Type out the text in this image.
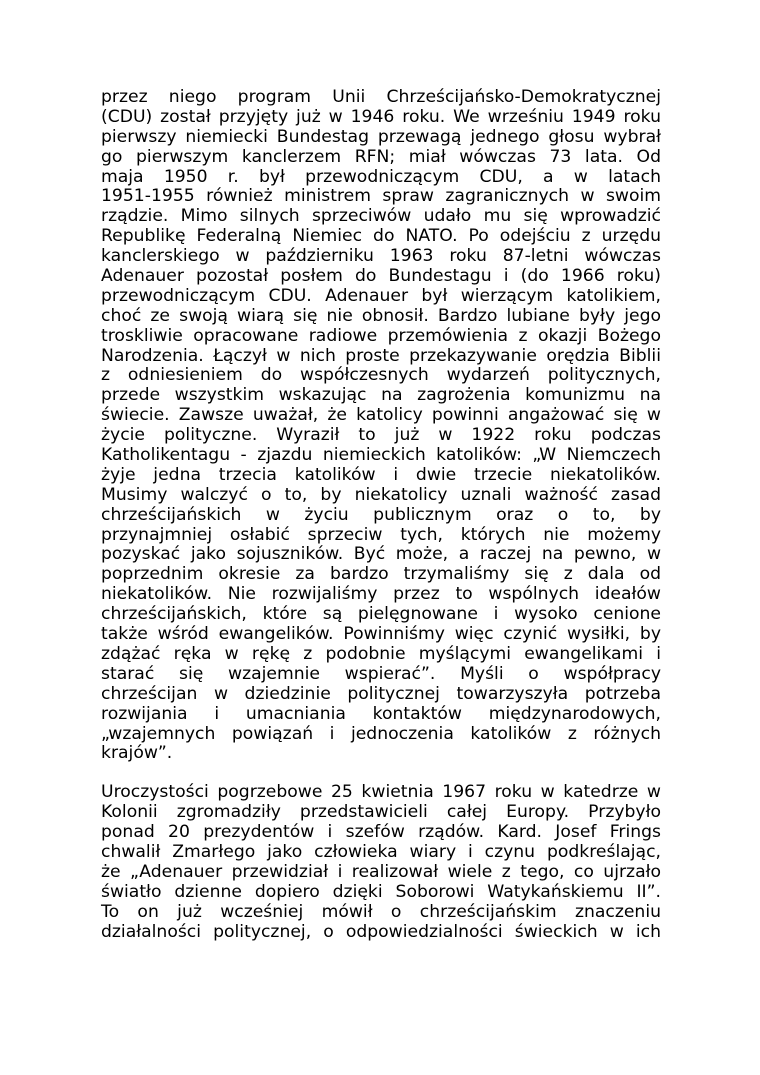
przez niego program Unii Chrześcijańsko-Demokratycznej
(CDU) został przyjęty już w 1946 roku. We wrześniu 1949 roku
pierwszy niemiecki Bundestag przewagą jednego głosu wybrał
go pierwszym kanclerzem RFN; miał wówczas 73 lata. Od
maja 1950 r. był przewodniczącym CDU, a w latach
1951-1955 również ministrem spraw zagranicznych w swoim
rządzie. Mimo silnych sprzeciwów udało mu się wprowadzić
Republikę Federalną Niemiec do NATO. Po odejściu z urzędu
kanclerskiego w październiku 1963 roku 87-letni wówczas
Adenauer pozostał posłem do Bundestagu i (do 1966 roku)
przewodniczącym CDU. Adenauer był wierzącym katolikiem,
choć ze swoją wiarą się nie obnosił. Bardzo lubiane były jego
troskliwie opracowane radiowe przemówienia z okazji Bożego
Narodzenia. Łączył w nich proste przekazywanie orędzia Biblii
z odniesieniem do współczesnych wydarzeń politycznych,
przede wszystkim wskazując na zagrożenia komunizmu na
świecie. Zawsze uważał, że katolicy powinni angażować się w
życie polityczne. Wyraził to już w 1922 roku podczas
Katholikentagu - zjazdu niemieckich katolików: „W Niemczech
żyje jedna trzecia katolików i dwie trzecie niekatolików.
Musimy walczyć o to, by niekatolicy uznali ważność zasad
chrześcijańskich w życiu publicznym oraz o to, by
przynajmniej osłabić sprzeciw tych, których nie możemy
pozyskać jako sojuszników. Być może, a raczej na pewno, w
poprzednim okresie za bardzo trzymaliśmy się z dala od
niekatolików. Nie rozwijaliśmy przez to wspólnych ideałów
chrześcijańskich, które są pielęgnowane i wysoko cenione
także wśród ewangelików. Powinniśmy więc czynić wysiłki, by
zdążać ręka w rękę z podobnie myślącymi ewangelikami i
starać się wzajemnie wspierać”. Myśli o współpracy
chrześcijan w dziedzinie politycznej towarzyszyła potrzeba
rozwijania i umacniania kontaktów międzynarodowych,
„wzajemnych powiązań i jednoczenia katolików z różnych
krajów”.
Uroczystości pogrzebowe 25 kwietnia 1967 roku w katedrze w
Kolonii zgromadziły przedstawicieli całej Europy. Przybyło
ponad 20 prezydentów i szefów rządów. Kard. Josef Frings
chwalił Zmarłego jako człowieka wiary i czynu podkreślając,
że „Adenauer przewidział i realizował wiele z tego, co ujrzało
światło dzienne dopiero dzięki Soborowi Watykańskiemu II”.
To on już wcześniej mówił o chrześcijańskim znaczeniu
działalności politycznej, o odpowiedzialności świeckich w ich
